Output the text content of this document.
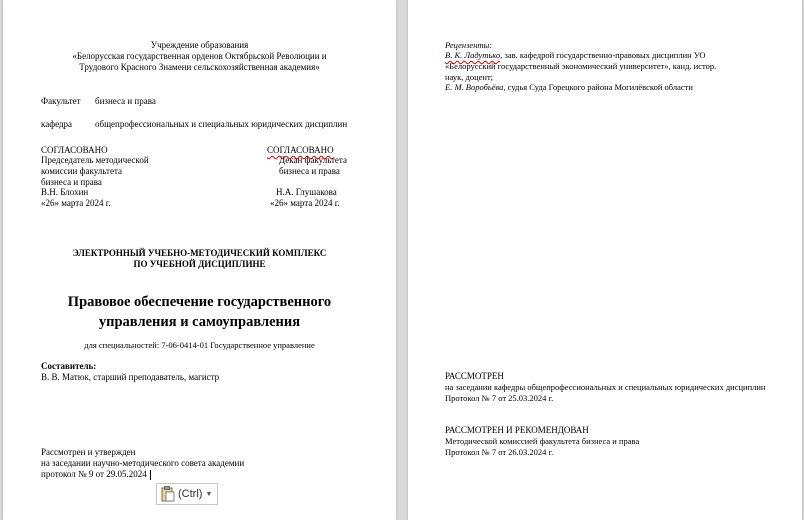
Учреждение образования
«Белорусская государственная орденов Октябрьской Революции и
Трудового Красного Знамени сельскохозяйственная академия»
Факультет бизнеса и права
кафедра	общепрофессиональных и специальных юридических дисциплин
СОГЛАСОВАНО
Председатель методической
комиссии факультета
бизнеса и права
В.Н. Блохин
«26» марта 2024 г.
СОГЛАСОВАНО
Декан факультета
бизнеса и права
Н.А. Глушакова
«26» марта 2024 г.
ЭЛЕКТРОННЫЙ УЧЕБНО-МЕТОДИЧЕСКИЙ КОМПЛЕКС
ПО УЧЕБНОЙ ДИСЦИПЛИНЕ
Правовое обеспечение государственного
управления и самоуправления
для специальностей: 7-06-0414-01 Государственное управление
Составитель:
В. В. Матюк, старший преподаватель, магистр
Рассмотрен и утвержден
на заседании научно-методического совета академии
протокол № 9 от 29.05.2024
(Ctrl) ▼
Рецензенты:
В. К. Ладутько, зав. кафедрой государственно-правовых дисциплин УО
«Белорусский государственный экономический университет», канд. истор.
наук, доцент;
Е. М. Воробьёва, судья Суда Горецкого района Могилёвской области
РАССМОТРЕН
на заседании кафедры общепрофессиональных и специальных юридических дисциплин
Протокол № 7 от 25.03.2024 г.
РАССМОТРЕН И РЕКОМЕНДОВАН
Методической комиссией факультета бизнеса и права
Протокол № 7 от 26.03.2024 г.
